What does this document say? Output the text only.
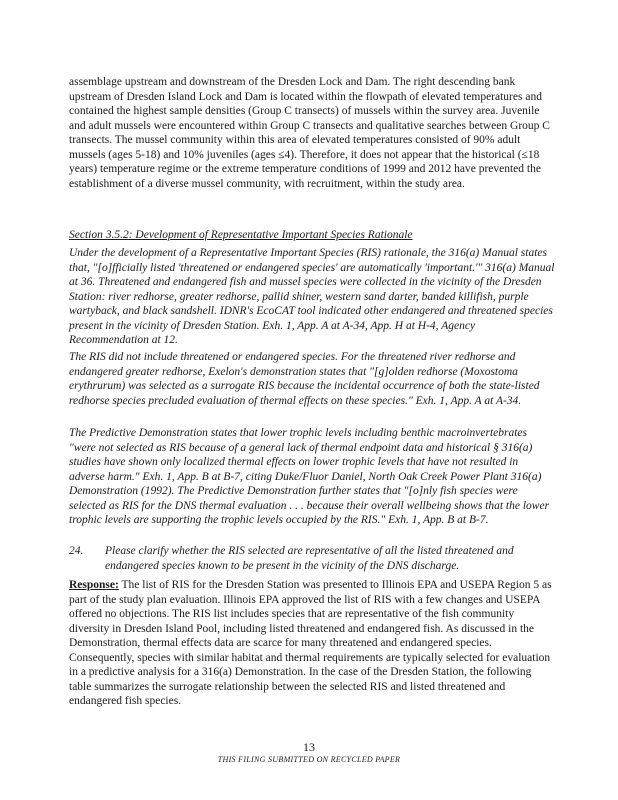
assemblage upstream and downstream of the Dresden Lock and Dam. The right descending bank upstream of Dresden Island Lock and Dam is located within the flowpath of elevated temperatures and contained the highest sample densities (Group C transects) of mussels within the survey area. Juvenile and adult mussels were encountered within Group C transects and qualitative searches between Group C transects. The mussel community within this area of elevated temperatures consisted of 90% adult mussels (ages 5-18) and 10% juveniles (ages ≤4). Therefore, it does not appear that the historical (≤18 years) temperature regime or the extreme temperature conditions of 1999 and 2012 have prevented the establishment of a diverse mussel community, with recruitment, within the study area.

Section 3.5.2: Development of Representative Important Species Rationale

Under the development of a Representative Important Species (RIS) rationale, the 316(a) Manual states that, "[o]fficially listed 'threatened or endangered species' are automatically 'important.'" 316(a) Manual at 36. Threatened and endangered fish and mussel species were collected in the vicinity of the Dresden Station: river redhorse, greater redhorse, pallid shiner, western sand darter, banded killifish, purple wartyback, and black sandshell. IDNR's EcoCAT tool indicated other endangered and threatened species present in the vicinity of Dresden Station. Exh. 1, App. A at A-34, App. H at H-4, Agency Recommendation at 12.

The RIS did not include threatened or endangered species. For the threatened river redhorse and endangered greater redhorse, Exelon's demonstration states that "[g]olden redhorse (Moxostoma erythrurum) was selected as a surrogate RIS because the incidental occurrence of both the state-listed redhorse species precluded evaluation of thermal effects on these species." Exh. 1, App. A at A-34.

The Predictive Demonstration states that lower trophic levels including benthic macroinvertebrates "were not selected as RIS because of a general lack of thermal endpoint data and historical § 316(a) studies have shown only localized thermal effects on lower trophic levels that have not resulted in adverse harm." Exh. 1, App. B at B-7, citing Duke/Fluor Daniel, North Oak Creek Power Plant 316(a) Demonstration (1992). The Predictive Demonstration further states that "[o]nly fish species were selected as RIS for the DNS thermal evaluation . . . because their overall wellbeing shows that the lower trophic levels are supporting the trophic levels occupied by the RIS." Exh. 1, App. B at B-7.

24. Please clarify whether the RIS selected are representative of all the listed threatened and endangered species known to be present in the vicinity of the DNS discharge.

Response: The list of RIS for the Dresden Station was presented to Illinois EPA and USEPA Region 5 as part of the study plan evaluation. Illinois EPA approved the list of RIS with a few changes and USEPA offered no objections. The RIS list includes species that are representative of the fish community diversity in Dresden Island Pool, including listed threatened and endangered fish. As discussed in the Demonstration, thermal effects data are scarce for many threatened and endangered species. Consequently, species with similar habitat and thermal requirements are typically selected for evaluation in a predictive analysis for a 316(a) Demonstration. In the case of the Dresden Station, the following table summarizes the surrogate relationship between the selected RIS and listed threatened and endangered fish species.

13

THIS FILING SUBMITTED ON RECYCLED PAPER
